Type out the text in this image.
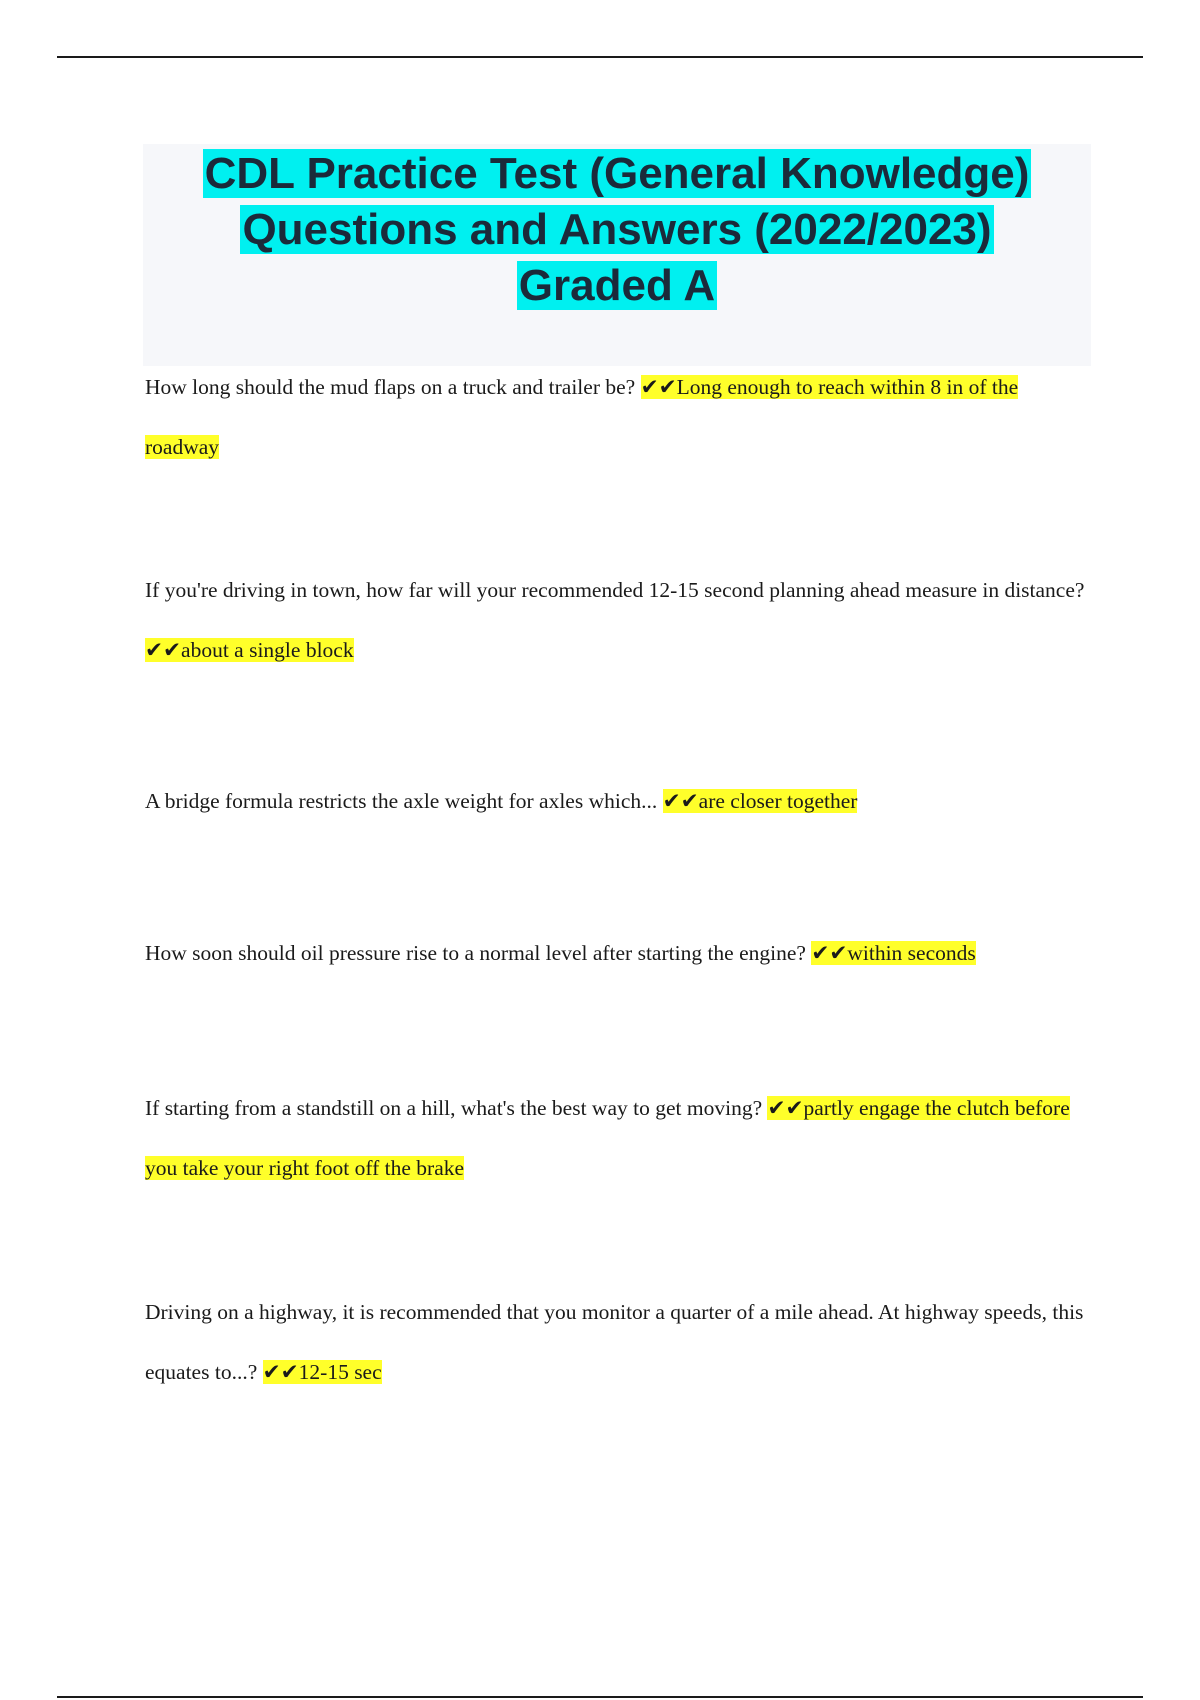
CDL Practice Test (General Knowledge)
Questions and Answers (2022/2023)
Graded A
How long should the mud flaps on a truck and trailer be? ✔✔Long enough to reach within 8 in of the roadway
If you're driving in town, how far will your recommended 12-15 second planning ahead measure in distance? ✔✔about a single block
A bridge formula restricts the axle weight for axles which... ✔✔are closer together
How soon should oil pressure rise to a normal level after starting the engine? ✔✔within seconds
If starting from a standstill on a hill, what's the best way to get moving? ✔✔partly engage the clutch before you take your right foot off the brake
Driving on a highway, it is recommended that you monitor a quarter of a mile ahead. At highway speeds, this equates to...? ✔✔12-15 sec
